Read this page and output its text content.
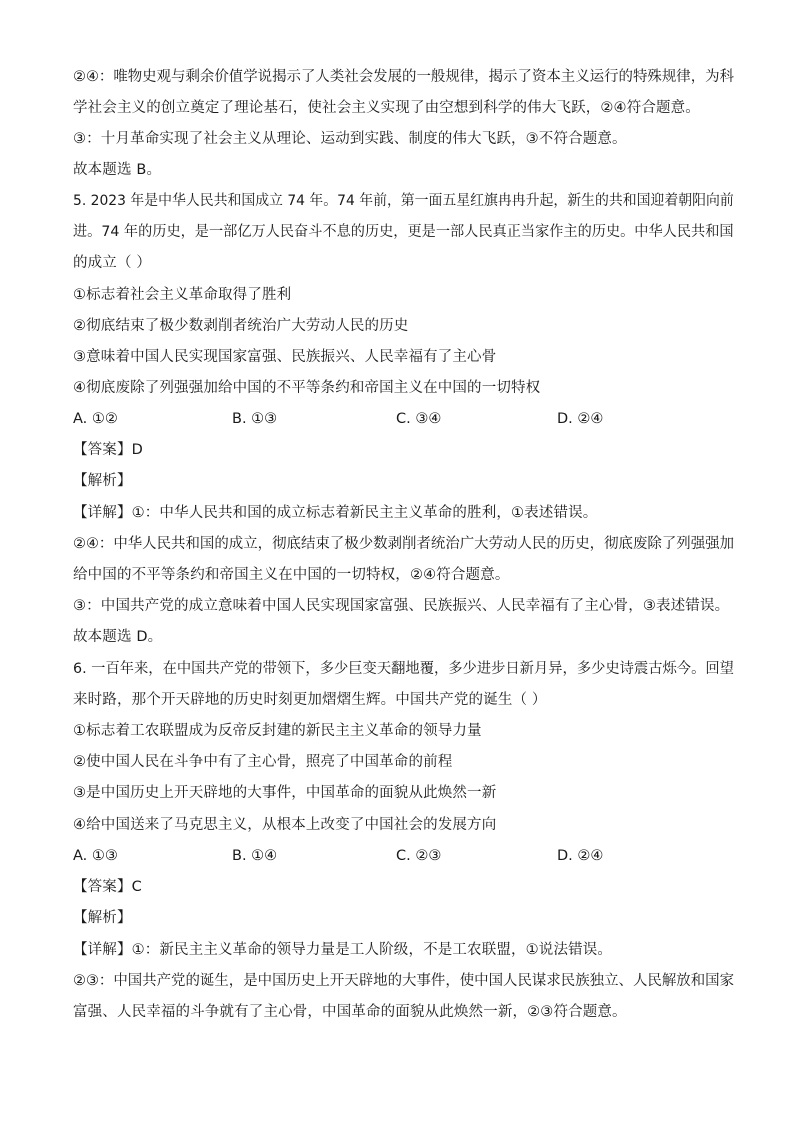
②④：唯物史观与剩余价值学说揭示了人类社会发展的一般规律，揭示了资本主义运行的特殊规律，为科
学社会主义的创立奠定了理论基石，使社会主义实现了由空想到科学的伟大飞跃，②④符合题意。
③：十月革命实现了社会主义从理论、运动到实践、制度的伟大飞跃，③不符合题意。
故本题选 B。
5. 2023 年是中华人民共和国成立 74 年。74 年前，第一面五星红旗冉冉升起，新生的共和国迎着朝阳向前
进。74 年的历史，是一部亿万人民奋斗不息的历史，更是一部人民真正当家作主的历史。中华人民共和国
的成立（ ）
①标志着社会主义革命取得了胜利
②彻底结束了极少数剥削者统治广大劳动人民的历史
③意味着中国人民实现国家富强、民族振兴、人民幸福有了主心骨
④彻底废除了列强强加给中国的不平等条约和帝国主义在中国的一切特权
A. ①②	B. ①③	C. ③④	D. ②④
【答案】D
【解析】
【详解】①：中华人民共和国的成立标志着新民主主义革命的胜利，①表述错误。
②④：中华人民共和国的成立，彻底结束了极少数剥削者统治广大劳动人民的历史，彻底废除了列强强加
给中国的不平等条约和帝国主义在中国的一切特权，②④符合题意。
③：中国共产党的成立意味着中国人民实现国家富强、民族振兴、人民幸福有了主心骨，③表述错误。
故本题选 D。
6. 一百年来，在中国共产党的带领下，多少巨变天翻地覆，多少进步日新月异，多少史诗震古烁今。回望
来时路，那个开天辟地的历史时刻更加熠熠生辉。中国共产党的诞生（ ）
①标志着工农联盟成为反帝反封建的新民主主义革命的领导力量
②使中国人民在斗争中有了主心骨，照亮了中国革命的前程
③是中国历史上开天辟地的大事件，中国革命的面貌从此焕然一新
④给中国送来了马克思主义，从根本上改变了中国社会的发展方向
A. ①③	B. ①④	C. ②③	D. ②④
【答案】C
【解析】
【详解】①：新民主主义革命的领导力量是工人阶级，不是工农联盟，①说法错误。
②③：中国共产党的诞生，是中国历史上开天辟地的大事件，使中国人民谋求民族独立、人民解放和国家
富强、人民幸福的斗争就有了主心骨，中国革命的面貌从此焕然一新，②③符合题意。
